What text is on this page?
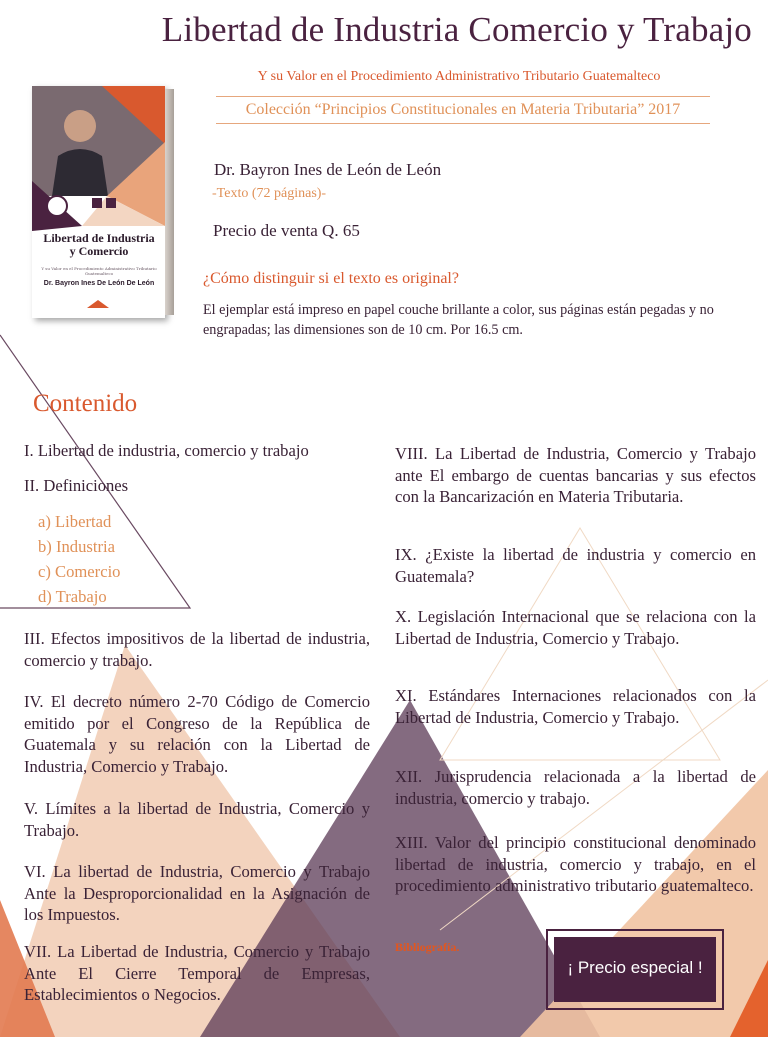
Libertad de Industria Comercio y Trabajo
Y su Valor en el Procedimiento Administrativo Tributario Guatemalteco
Colección “Principios Constitucionales en Materia Tributaria” 2017
Libertad de Industria
y Comercio
Y su Valor en el Procedimiento Administrativo Tributario Guatemalteco
Dr. Bayron Ines De León De León
Dr. Bayron Ines de León de León
-Texto (72 páginas)-
Precio de venta Q. 65
¿Cómo distinguir si el texto es original?
El ejemplar está impreso en papel couche brillante a color, sus páginas están pegadas y no engrapadas; las dimensiones son de 10 cm. Por 16.5 cm.
Contenido
I. Libertad de industria, comercio y trabajo
II. Definiciones
a) Libertad
b) Industria
c) Comercio
d) Trabajo
III. Efectos impositivos de la libertad de industria, comercio y trabajo.
IV. El decreto número 2-70 Código de Comercio emitido por el Congreso de la República de Guatemala y su relación con la Libertad de Industria, Comercio y Trabajo.
V. Límites a la libertad de Industria, Comercio y Trabajo.
VI. La libertad de Industria, Comercio y Trabajo Ante la Desproporcionalidad en la Asignación de los Impuestos.
VII. La Libertad de Industria, Comercio y Trabajo Ante El Cierre Temporal de Empresas, Establecimientos o Negocios.
VIII. La Libertad de Industria, Comercio y Trabajo ante El embargo de cuentas bancarias y sus efectos con la Bancarización en Materia Tributaria.
IX. ¿Existe la libertad de industria y comercio en Guatemala?
X. Legislación Internacional que se relaciona con la Libertad de Industria, Comercio y Trabajo.
XI. Estándares Internaciones relacionados con la Libertad de Industria, Comercio y Trabajo.
XII. Jurisprudencia relacionada a la libertad de industria, comercio y trabajo.
XIII. Valor del principio constitucional denominado libertad de industria, comercio y trabajo, en el procedimiento administrativo tributario guatemalteco.
Bibliografía.
¡ Precio especial !
